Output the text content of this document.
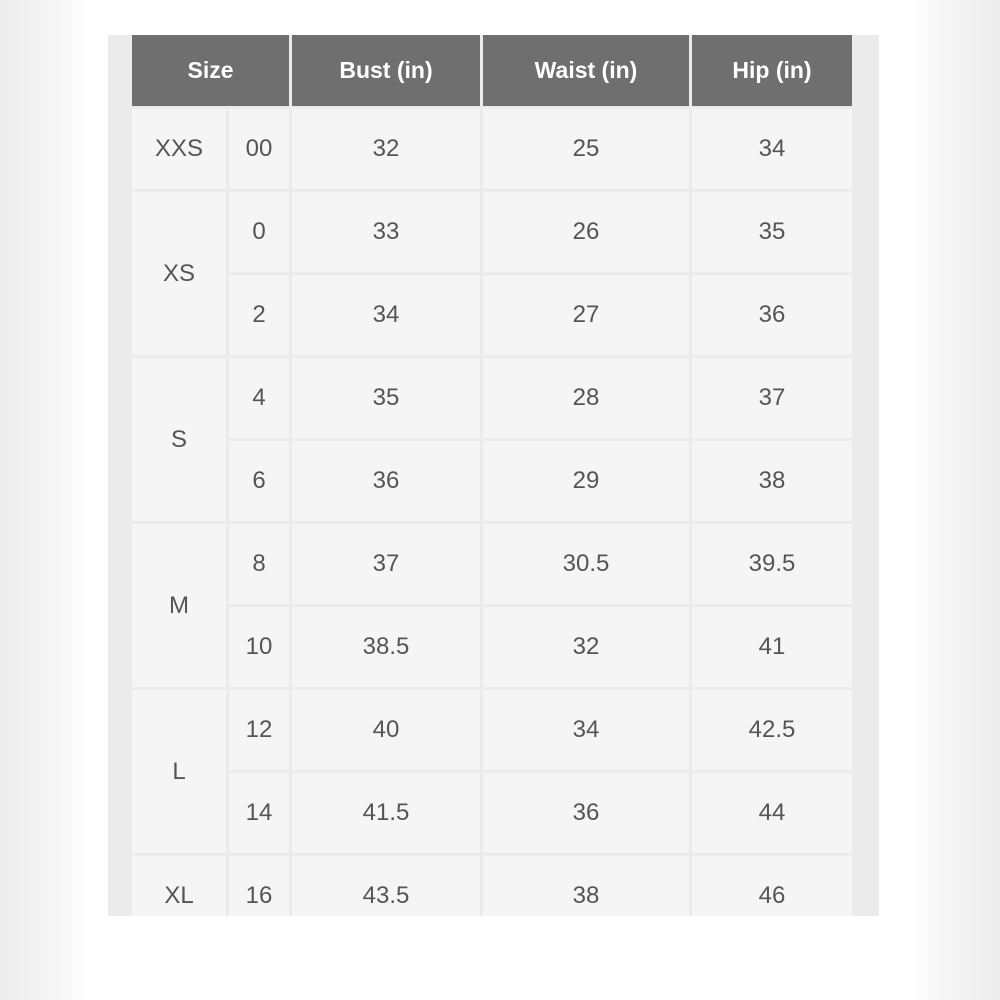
Size	Bust (in)	Waist (in)	Hip (in)
XXS	00	32	25	34
XS
0	33	26	35
2	34	27	36
S
4	35	28	37
6	36	29	38
M
8	37	30.5	39.5
10	38.5	32	41
L
12	40	34	42.5
14	41.5	36	44
XL	16	43.5	38	46
